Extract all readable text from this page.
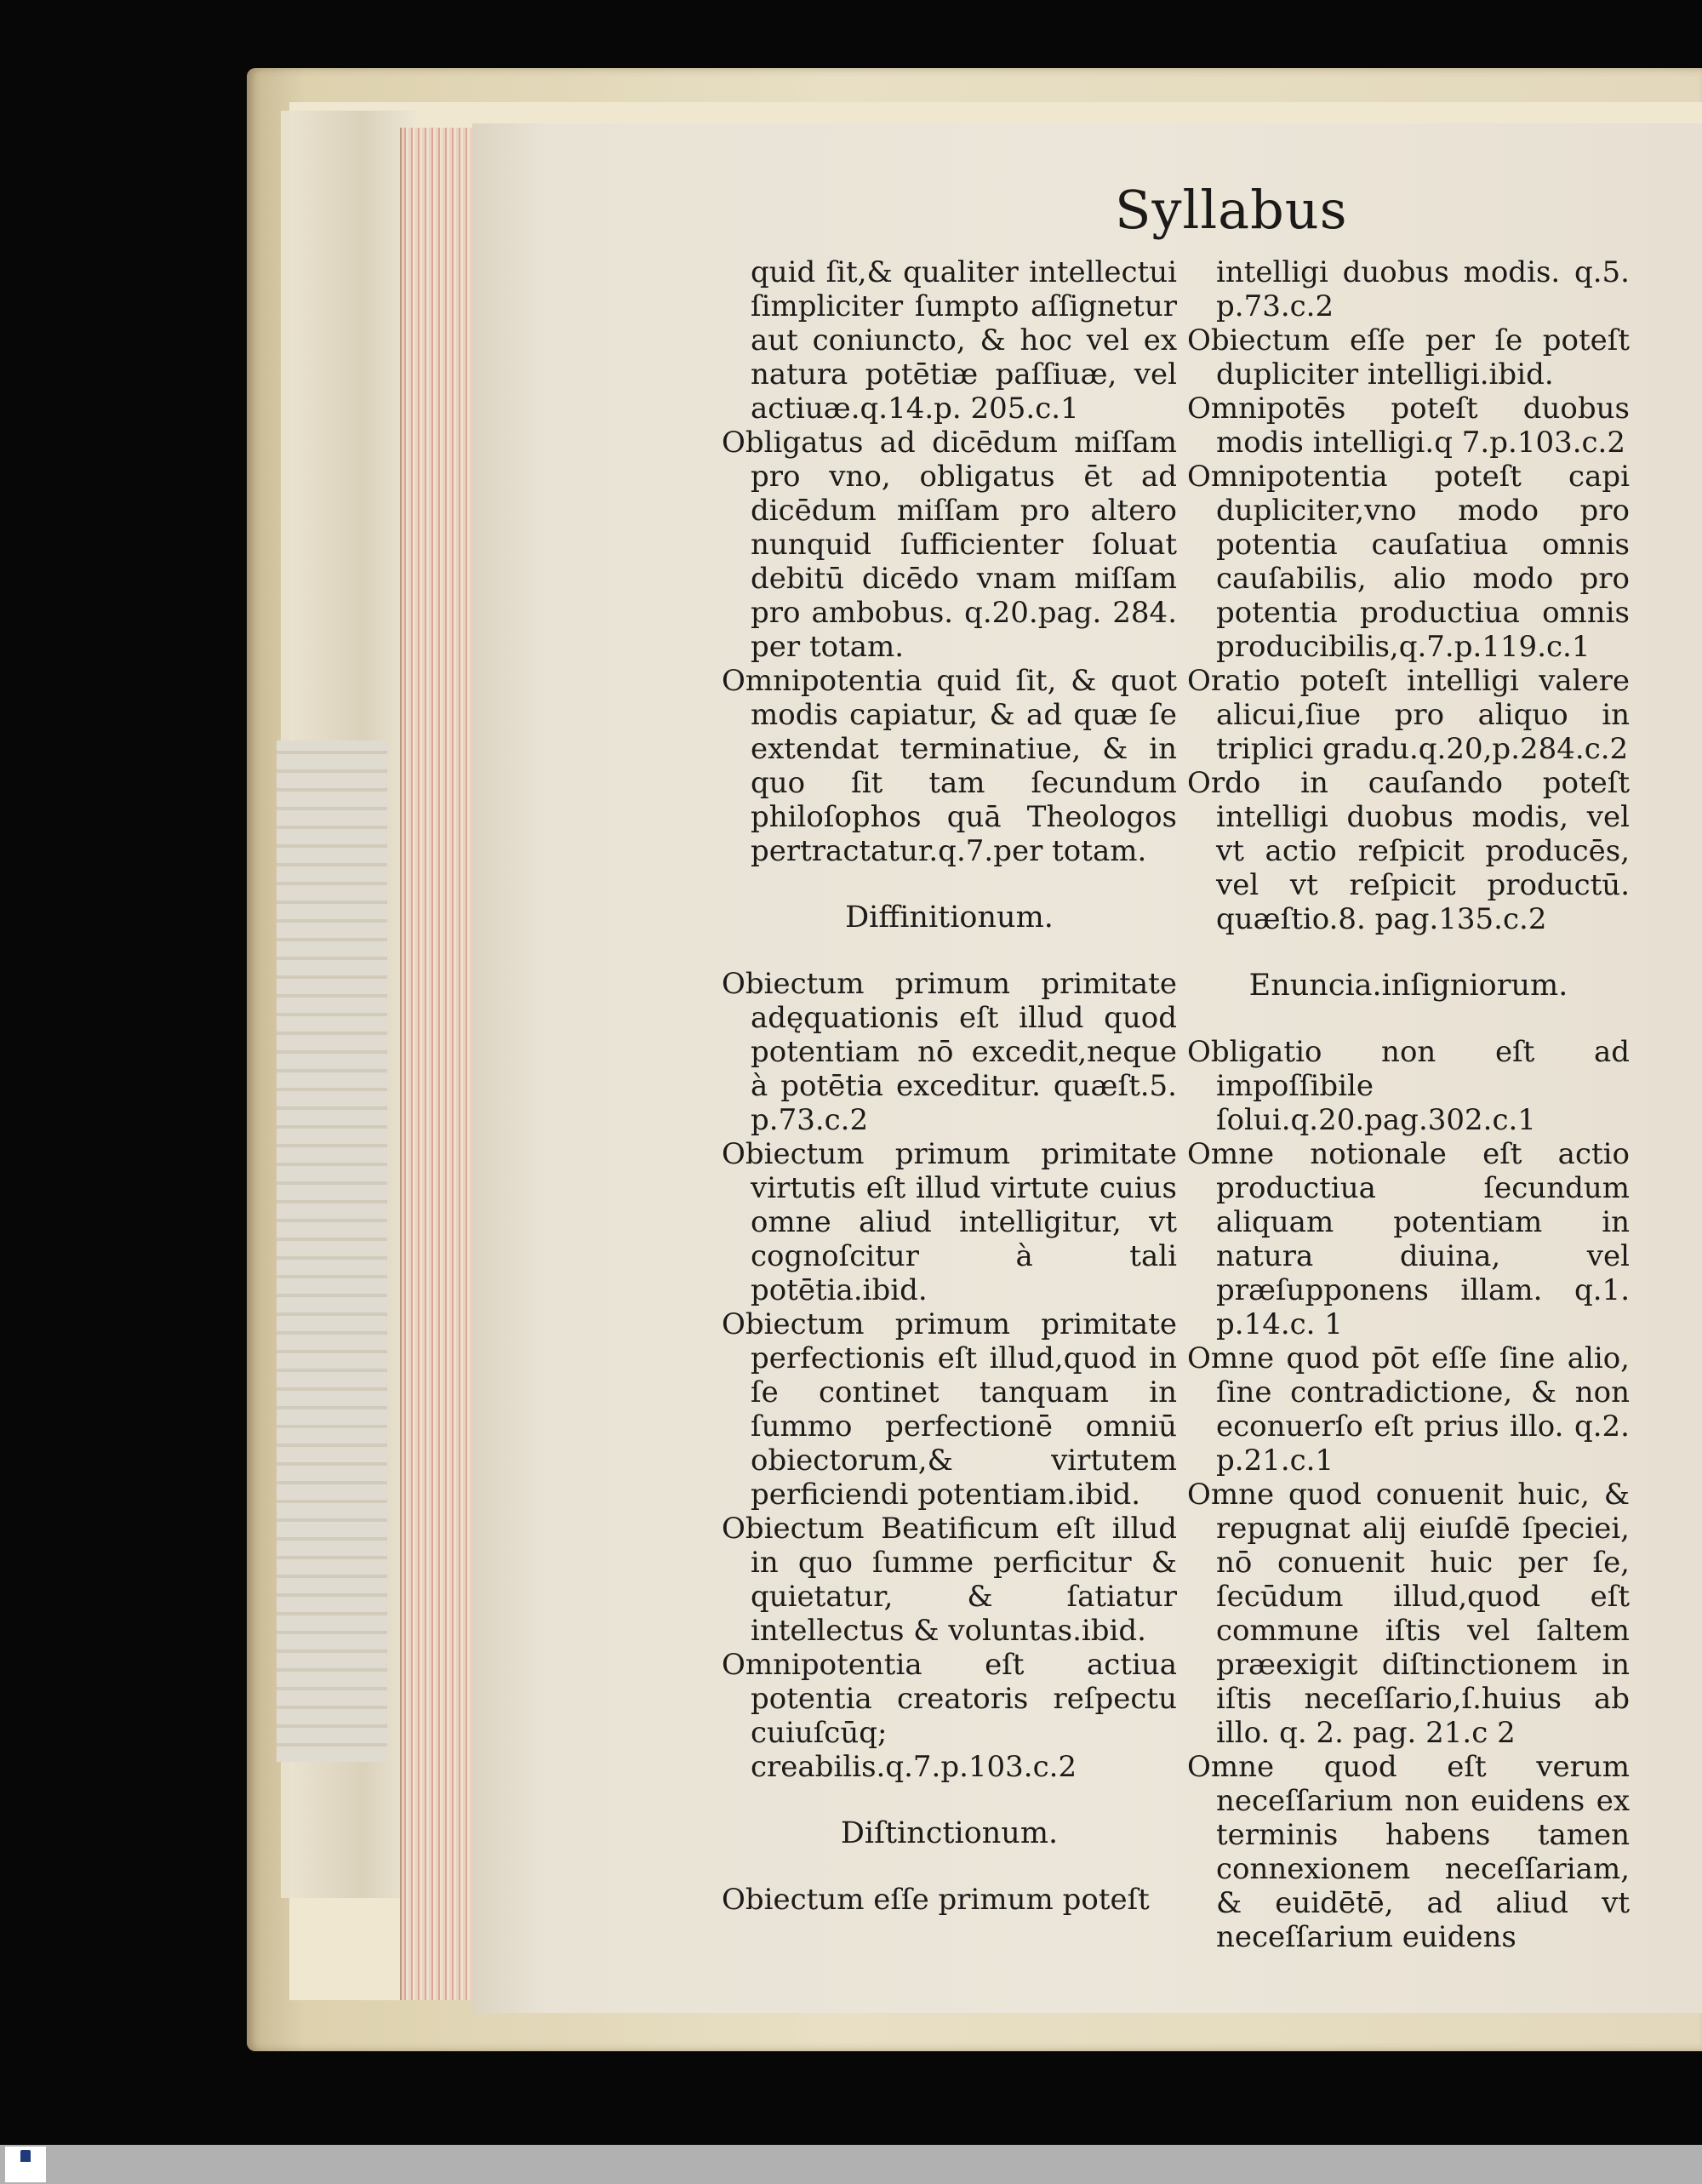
Syllabus

quid ſit,& qualiter intellectui ſimpliciter ſumpto aſſignetur aut coniuncto, & hoc vel ex natura potētiæ paſſiuæ, vel actiuæ.q.14.p. 205.c.1

Obligatus ad dicēdum miſſam pro vno, obligatus ēt ad dicēdum miſſam pro altero nunquid ſufficienter ſoluat debitū dicēdo vnam miſſam pro ambobus. q.20.pag. 284. per totam.

Omnipotentia quid ſit, & quot modis capiatur, & ad quæ ſe extendat terminatiue, & in quo ſit tam ſecundum philoſophos quā Theologos pertractatur.q.7.per totam.

Diffinitionum.

Obiectum primum primitate adęquationis eſt illud quod potentiam nō excedit,neque à potētia exceditur. quæſt.5. p.73.c.2

Obiectum primum primitate virtutis eſt illud virtute cuius omne aliud intelligitur, vt cognoſcitur à tali potētia.ibid.

Obiectum primum primitate perfectionis eſt illud,quod in ſe continet tanquam in ſummo perfectionē omniū obiectorum,& virtutem perficiendi potentiam.ibid.

Obiectum Beatificum eſt illud in quo ſumme perficitur & quietatur, & ſatiatur intellectus & voluntas.ibid.

Omnipotentia eſt actiua potentia creatoris reſpectu cuiuſcūq; creabilis.q.7.p.103.c.2

Diſtinctionum.

Obiectum eſſe primum poteſt

intelligi duobus modis. q.5. p.73.c.2

Obiectum eſſe per ſe poteſt dupliciter intelligi.ibid.

Omnipotēs poteſt duobus modis intelligi.q 7.p.103.c.2

Omnipotentia poteſt capi dupliciter,vno modo pro potentia cauſatiua omnis cauſabilis, alio modo pro potentia productiua omnis producibilis,q.7.p.119.c.1

Oratio poteſt intelligi valere alicui,ſiue pro aliquo in triplici gradu.q.20,p.284.c.2

Ordo in cauſando poteſt intelligi duobus modis, vel vt actio reſpicit producēs, vel vt reſpicit productū. quæſtio.8. pag.135.c.2

Enuncia.inſigniorum.

Obligatio non eſt ad impoſſibile ſolui.q.20.pag.302.c.1

Omne notionale eſt actio productiua ſecundum aliquam potentiam in natura diuina, vel præſupponens illam. q.1. p.14.c. 1

Omne quod pōt eſſe ſine alio, ſine contradictione, & non econuerſo eſt prius illo. q.2. p.21.c.1

Omne quod conuenit huic, & repugnat alij eiuſdē ſpeciei, nō conuenit huic per ſe, ſecūdum illud,quod eſt commune iſtis vel ſaltem præexigit diſtinctionem in iſtis neceſſario,ſ.huius ab illo. q. 2. pag. 21.c 2

Omne quod eſt verum neceſſarium non euidens ex terminis habens tamen connexionem neceſſariam, & euidētē, ad aliud vt neceſſarium euidens
